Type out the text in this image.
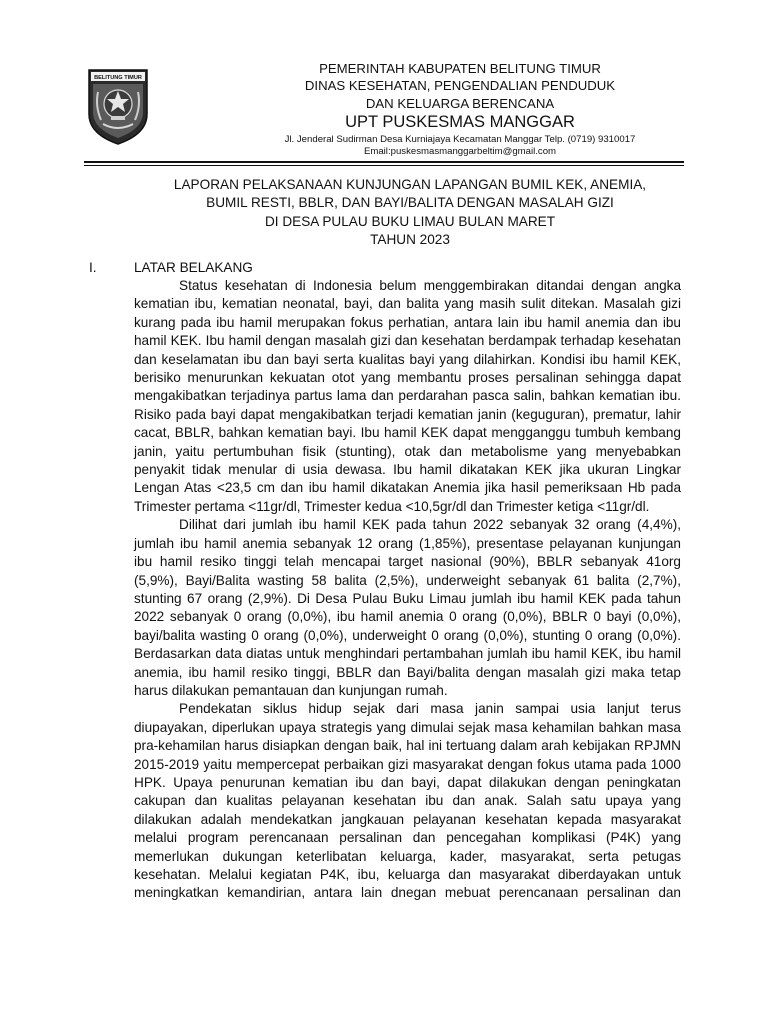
BELITUNG TIMUR
PEMERINTAH KABUPATEN BELITUNG TIMUR
DINAS KESEHATAN, PENGENDALIAN PENDUDUK
DAN KELUARGA BERENCANA
UPT PUSKESMAS MANGGAR
Jl. Jenderal Sudirman Desa Kurniajaya Kecamatan Manggar Telp. (0719) 9310017
Email:puskesmasmanggarbeltim@gmail.com
LAPORAN PELAKSANAAN KUNJUNGAN LAPANGAN BUMIL KEK, ANEMIA,
BUMIL RESTI, BBLR, DAN BAYI/BALITA DENGAN MASALAH GIZI
DI DESA PULAU BUKU LIMAU BULAN MARET
TAHUN 2023
I.	LATAR BELAKANG

Status kesehatan di Indonesia belum menggembirakan ditandai dengan angka kematian ibu, kematian neonatal, bayi, dan balita yang masih sulit ditekan. Masalah gizi kurang pada ibu hamil merupakan fokus perhatian, antara lain ibu hamil anemia dan ibu hamil KEK. Ibu hamil dengan masalah gizi dan kesehatan berdampak terhadap kesehatan dan keselamatan ibu dan bayi serta kualitas bayi yang dilahirkan. Kondisi ibu hamil KEK, berisiko menurunkan kekuatan otot yang membantu proses persalinan sehingga dapat mengakibatkan terjadinya partus lama dan perdarahan pasca salin, bahkan kematian ibu. Risiko pada bayi dapat mengakibatkan terjadi kematian janin (keguguran), prematur, lahir cacat, BBLR, bahkan kematian bayi. Ibu hamil KEK dapat mengganggu tumbuh kembang janin, yaitu pertumbuhan fisik (stunting), otak dan metabolisme yang menyebabkan penyakit tidak menular di usia dewasa. Ibu hamil dikatakan KEK jika ukuran Lingkar Lengan Atas <23,5 cm dan ibu hamil dikatakan Anemia jika hasil pemeriksaan Hb pada Trimester pertama <11gr/dl, Trimester kedua <10,5gr/dl dan Trimester ketiga <11gr/dl.

Dilihat dari jumlah ibu hamil KEK pada tahun 2022 sebanyak 32 orang (4,4%), jumlah ibu hamil anemia sebanyak 12 orang (1,85%), presentase pelayanan kunjungan ibu hamil resiko tinggi telah mencapai target nasional (90%), BBLR sebanyak 41org (5,9%), Bayi/Balita wasting 58 balita (2,5%), underweight sebanyak 61 balita (2,7%), stunting 67 orang (2,9%). Di Desa Pulau Buku Limau jumlah ibu hamil KEK pada tahun 2022 sebanyak 0 orang (0,0%), ibu hamil anemia 0 orang (0,0%), BBLR 0 bayi (0,0%), bayi/balita wasting 0 orang (0,0%), underweight 0 orang (0,0%), stunting 0 orang (0,0%). Berdasarkan data diatas untuk menghindari pertambahan jumlah ibu hamil KEK, ibu hamil anemia, ibu hamil resiko tinggi, BBLR dan Bayi/balita dengan masalah gizi maka tetap harus dilakukan pemantauan dan kunjungan rumah.

Pendekatan siklus hidup sejak dari masa janin sampai usia lanjut terus diupayakan, diperlukan upaya strategis yang dimulai sejak masa kehamilan bahkan masa pra-kehamilan harus disiapkan dengan baik, hal ini tertuang dalam arah kebijakan RPJMN 2015-2019 yaitu mempercepat perbaikan gizi masyarakat dengan fokus utama pada 1000 HPK. Upaya penurunan kematian ibu dan bayi, dapat dilakukan dengan peningkatan cakupan dan kualitas pelayanan kesehatan ibu dan anak. Salah satu upaya yang dilakukan adalah mendekatkan jangkauan pelayanan kesehatan kepada masyarakat melalui program perencanaan persalinan dan pencegahan komplikasi (P4K) yang memerlukan dukungan keterlibatan keluarga, kader, masyarakat, serta petugas kesehatan. Melalui kegiatan P4K, ibu, keluarga dan masyarakat diberdayakan untuk meningkatkan kemandirian, antara lain dnegan mebuat perencanaan persalinan dan
